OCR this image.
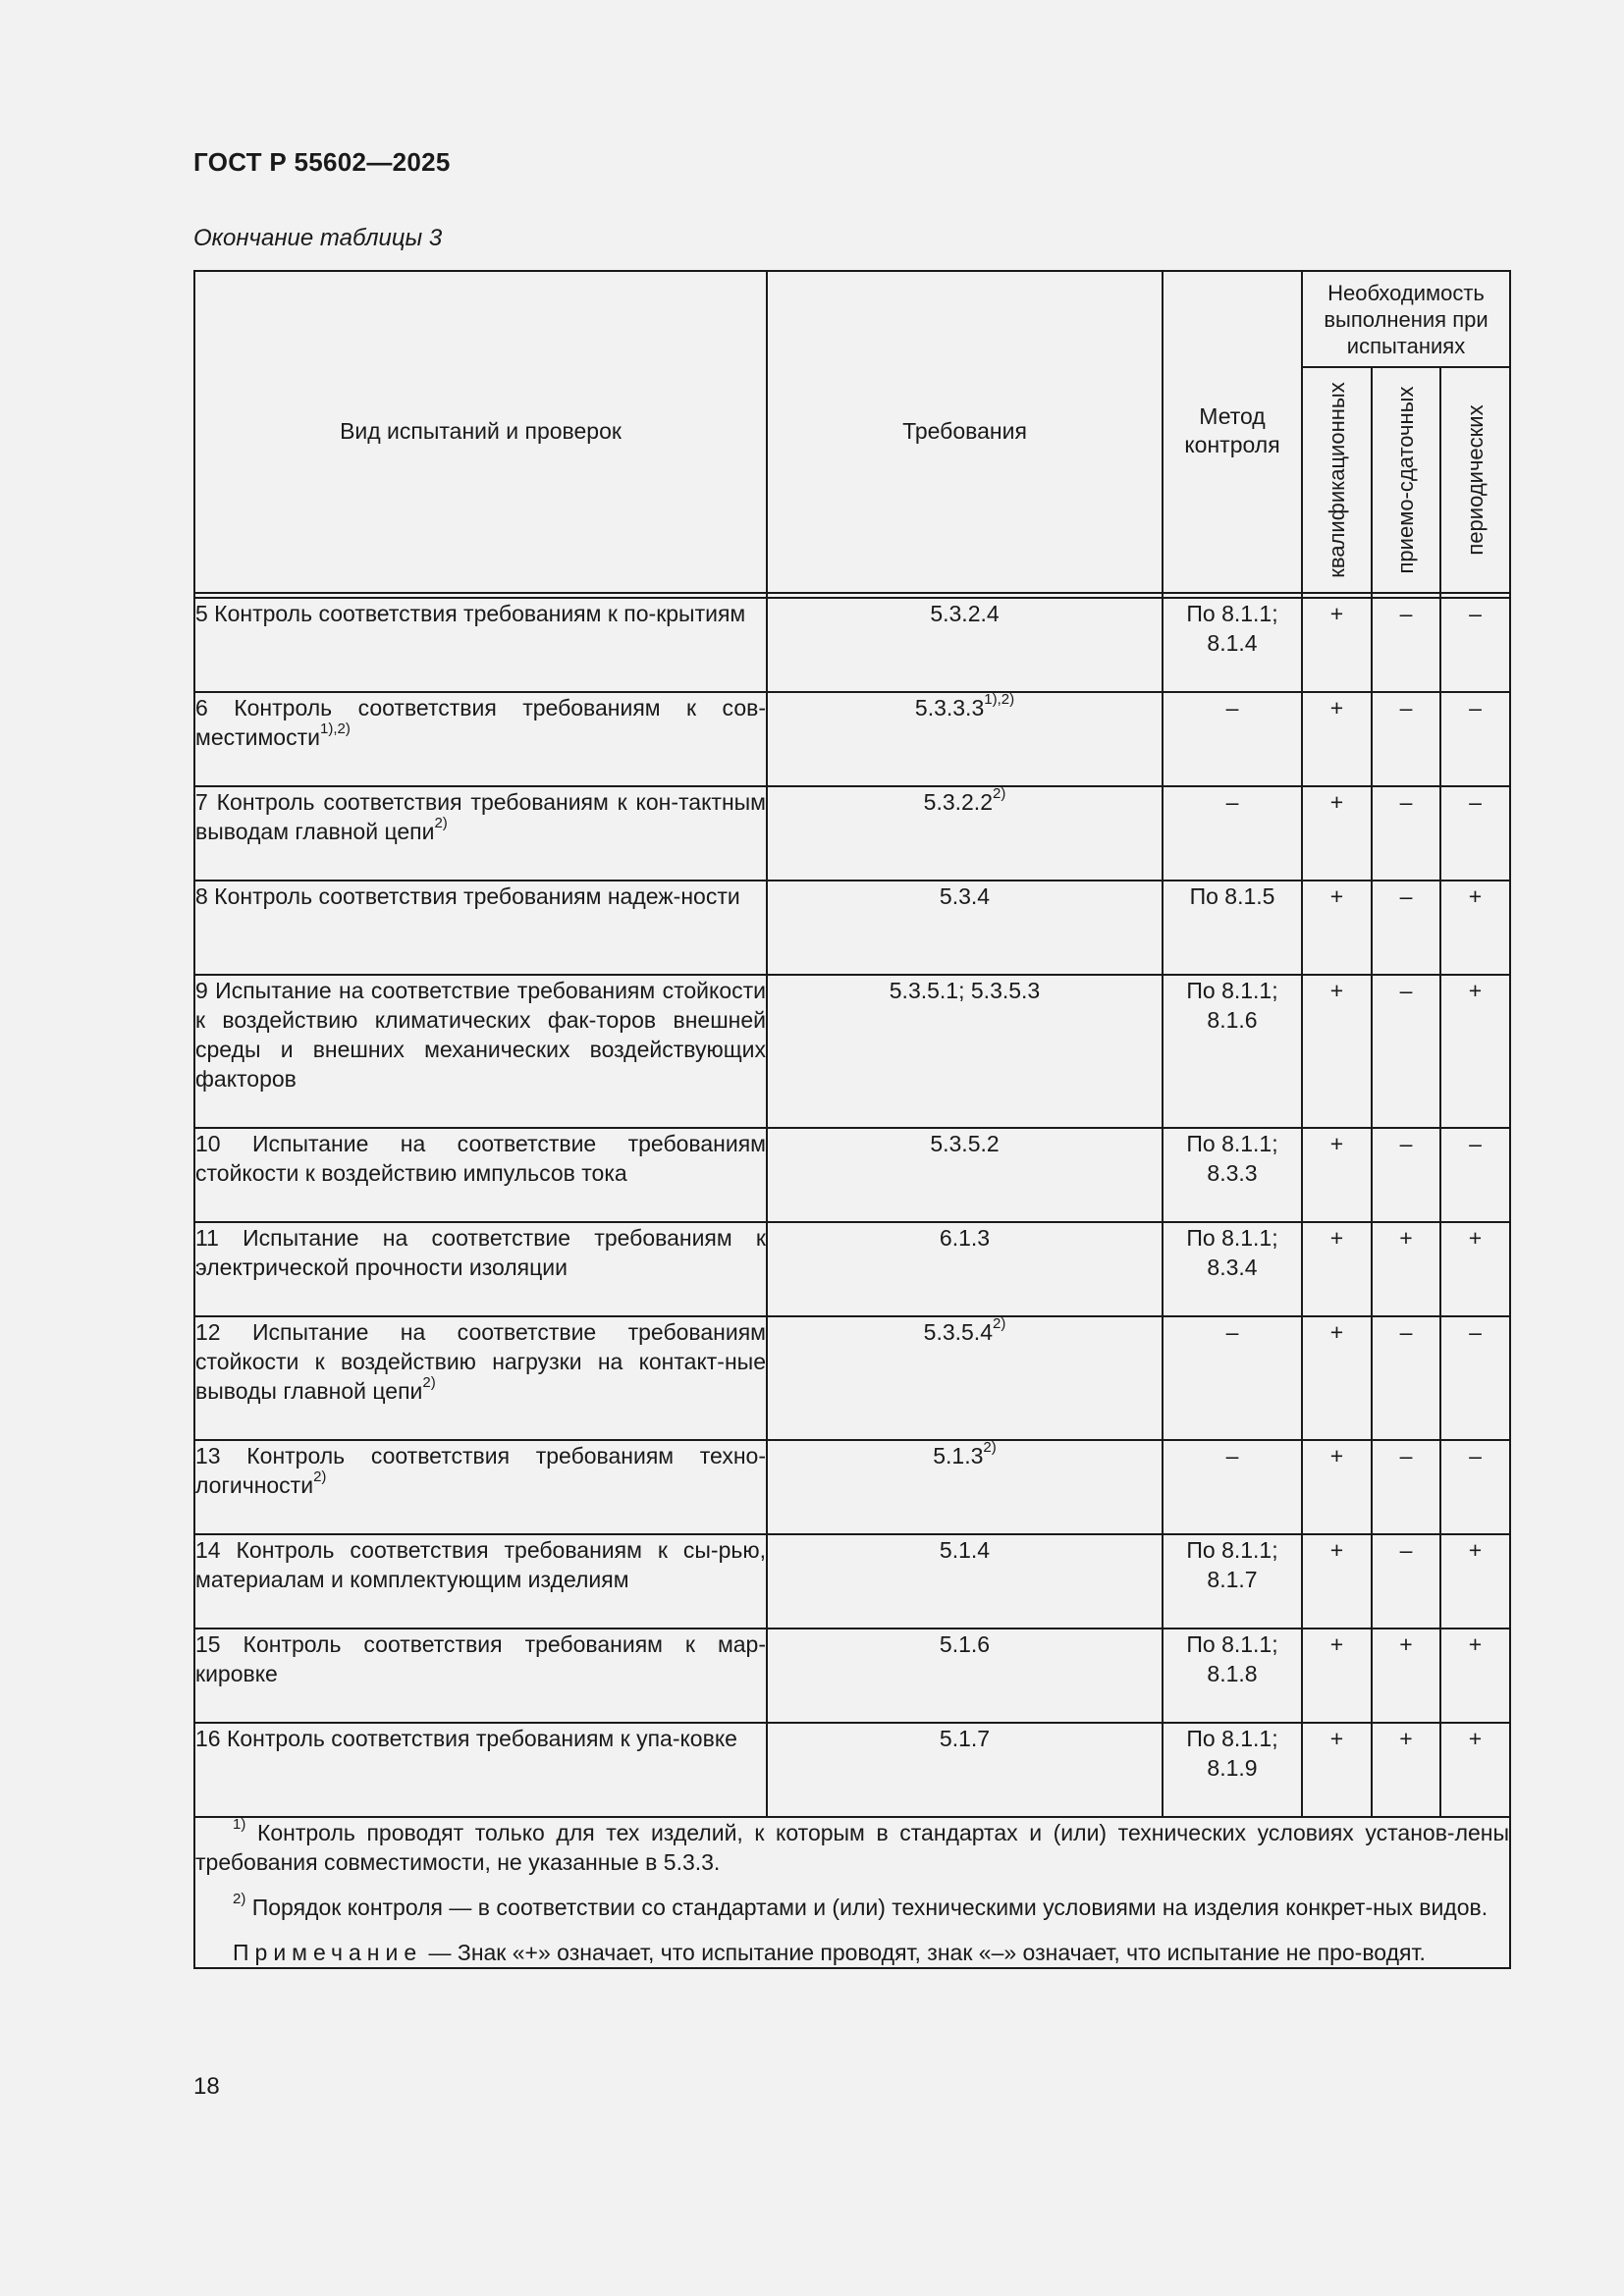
ГОСТ Р 55602—2025
Окончание таблицы 3
Вид испытаний и проверок	Требования	Метод контроля	Необходимость выполнения при испытаниях		

			квалификационных	приемо-сдаточных	периодических

5 Контроль соответствия требованиям к по-крытиям	5.3.2.4	По 8.1.1; 8.1.4	+	–	–
6 Контроль соответствия требованиям к сов-местимости$^{1),2)}$	$5.3.3.3^{1),2)}$	–	+	–	–
7 Контроль соответствия требованиям к кон-тактным выводам главной цепи$^{2)}$	5.3.2.2$^{2)}$	–	+	–	–
8 Контроль соответствия требованиям надеж-ности	5.3.4	По 8.1.5	+	–	+
9 Испытание на соответствие требованиям стойкости к воздействию климатических фак-торов внешней среды и внешних механических воздействующих факторов	5.3.5.1; 5.3.5.3	По 8.1.1; 8.1.6	+	–	+
10 Испытание на соответствие требованиям стойкости к воздействию импульсов тока	5.3.5.2	По 8.1.1; 8.3.3	+	–	–
11 Испытание на соответствие требованиям к электрической прочности изоляции	6.1.3	По 8.1.1; 8.3.4	+	+	+
12 Испытание на соответствие требованиям стойкости к воздействию нагрузки на контакт-ные выводы главной цепи$^{2)}$	5.3.5.4$^{2)}$	–	+	–	–
13 Контроль соответствия требованиям техно-логичности$^{2)}$	5.1.3$^{2)}$	–	+	–	–
14 Контроль соответствия требованиям к сы-рью, материалам и комплектующим изделиям	5.1.4	По 8.1.1; 8.1.7	+	–	+
15 Контроль соответствия требованиям к мар-кировке	5.1.6	По 8.1.1; 8.1.8	+	+	+
16 Контроль соответствия требованиям к упа-ковке	5.1.7	По 8.1.1; 8.1.9	+	+	+

$^{1)}$ Контроль проводят только для тех изделий, к которым в стандартах и (или) технических условиях установ-лены требования совместимости, не указанные в 5.3.3.

$^{2)}$ Порядок контроля — в соответствии со стандартами и (или) техническими условиями на изделия конкрет-ных видов.

Примечание — Знак «+» означает, что испытание проводят, знак «–» означает, что испытание не про-водят.					

18
